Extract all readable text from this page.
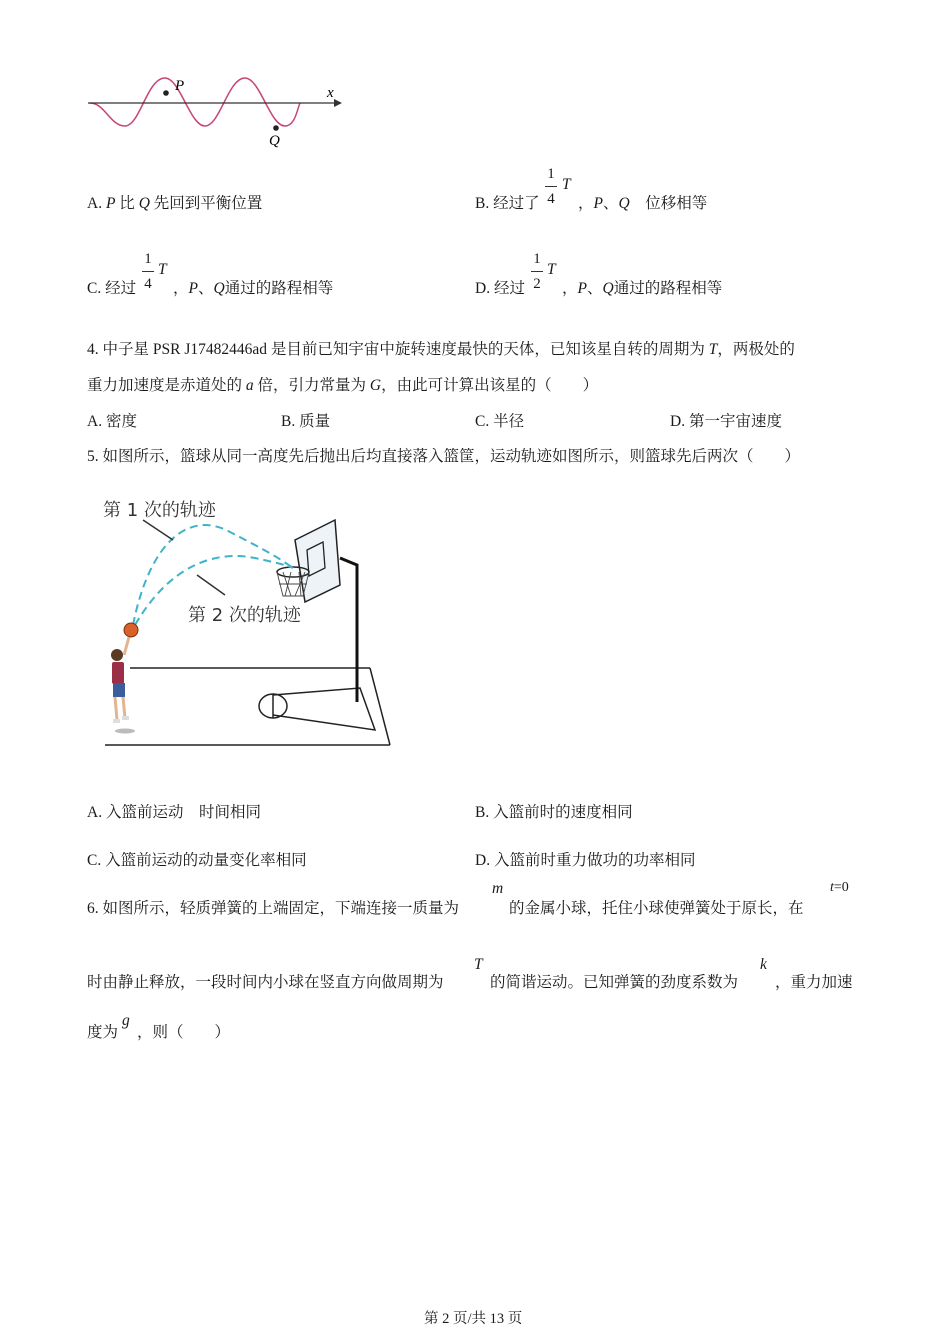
P
Q
x
A. P 比 Q 先回到平衡位置	B. 经过了
1
4
T
，P、Q　位移相等
C. 经过
1
4
T
，P、Q通过的路程相等	D. 经过
1
2
T
，P、Q通过的路程相等
4. 中子星 PSR J17482446ad 是目前已知宇宙中旋转速度最快的天体，已知该星自转的周期为 T，两极处的
重力加速度是赤道处的 a 倍，引力常量为 G，由此可计算出该星的（　　）
A. 密度	B. 质量	C. 半径	D. 第一宇宙速度
5. 如图所示，篮球从同一高度先后抛出后均直接落入篮筐，运动轨迹如图所示，则篮球先后两次（　　）
第 1 次的轨迹
第 2 次的轨迹
A. 入篮前运动　时间相同	B. 入篮前时的速度相同
C. 入篮前运动的动量变化率相同	D. 入篮前时重力做功的功率相同
6. 如图所示，轻质弹簧的上端固定，下端连接一质量为
m
的金属小球，托住小球使弹簧处于原长，在
t=0
时由静止释放，一段时间内小球在竖直方向做周期为
T
的简谐运动。已知弹簧的劲度系数为
k
，重力加速
度为
g
，则（　　）
第 2 页/共 13 页
